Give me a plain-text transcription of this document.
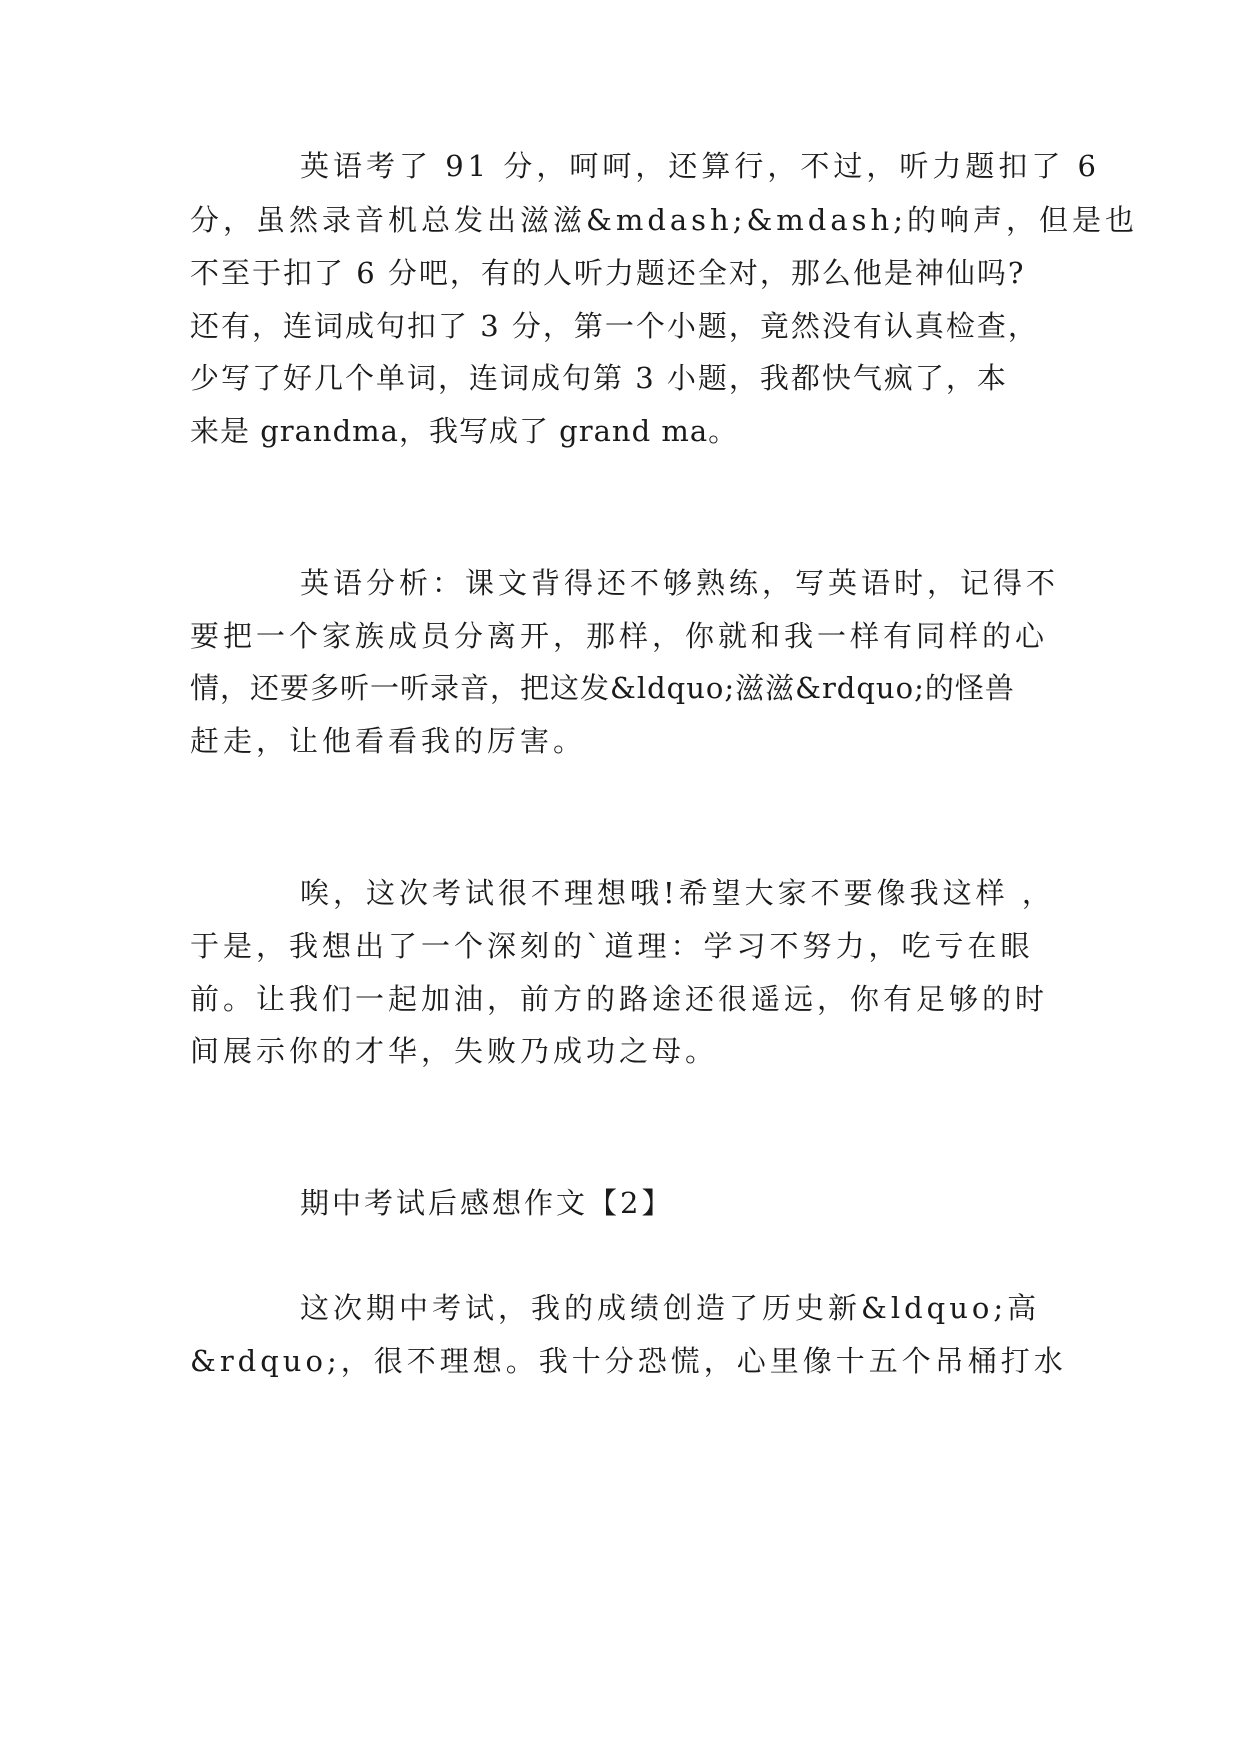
英语考了 91 分，呵呵，还算行，不过，听力题扣了 6
分，虽然录音机总发出滋滋&mdash;&mdash;的响声，但是也
不至于扣了 6 分吧，有的人听力题还全对，那么他是神仙吗?
还有，连词成句扣了 3 分，第一个小题，竟然没有认真检查，
少写了好几个单词，连词成句第 3 小题，我都快气疯了，本
来是 grandma，我写成了 grand ma。
英语分析：课文背得还不够熟练，写英语时，记得不
要把一个家族成员分离开，那样，你就和我一样有同样的心
情，还要多听一听录音，把这发&ldquo;滋滋&rdquo;的怪兽
赶走，让他看看我的厉害。
唉，这次考试很不理想哦!希望大家不要像我这样 ，
于是，我想出了一个深刻的`道理：学习不努力，吃亏在眼
前。让我们一起加油，前方的路途还很遥远，你有足够的时
间展示你的才华，失败乃成功之母。
期中考试后感想作文【2】
这次期中考试，我的成绩创造了历史新&ldquo;高
&rdquo;，很不理想。我十分恐慌，心里像十五个吊桶打水
